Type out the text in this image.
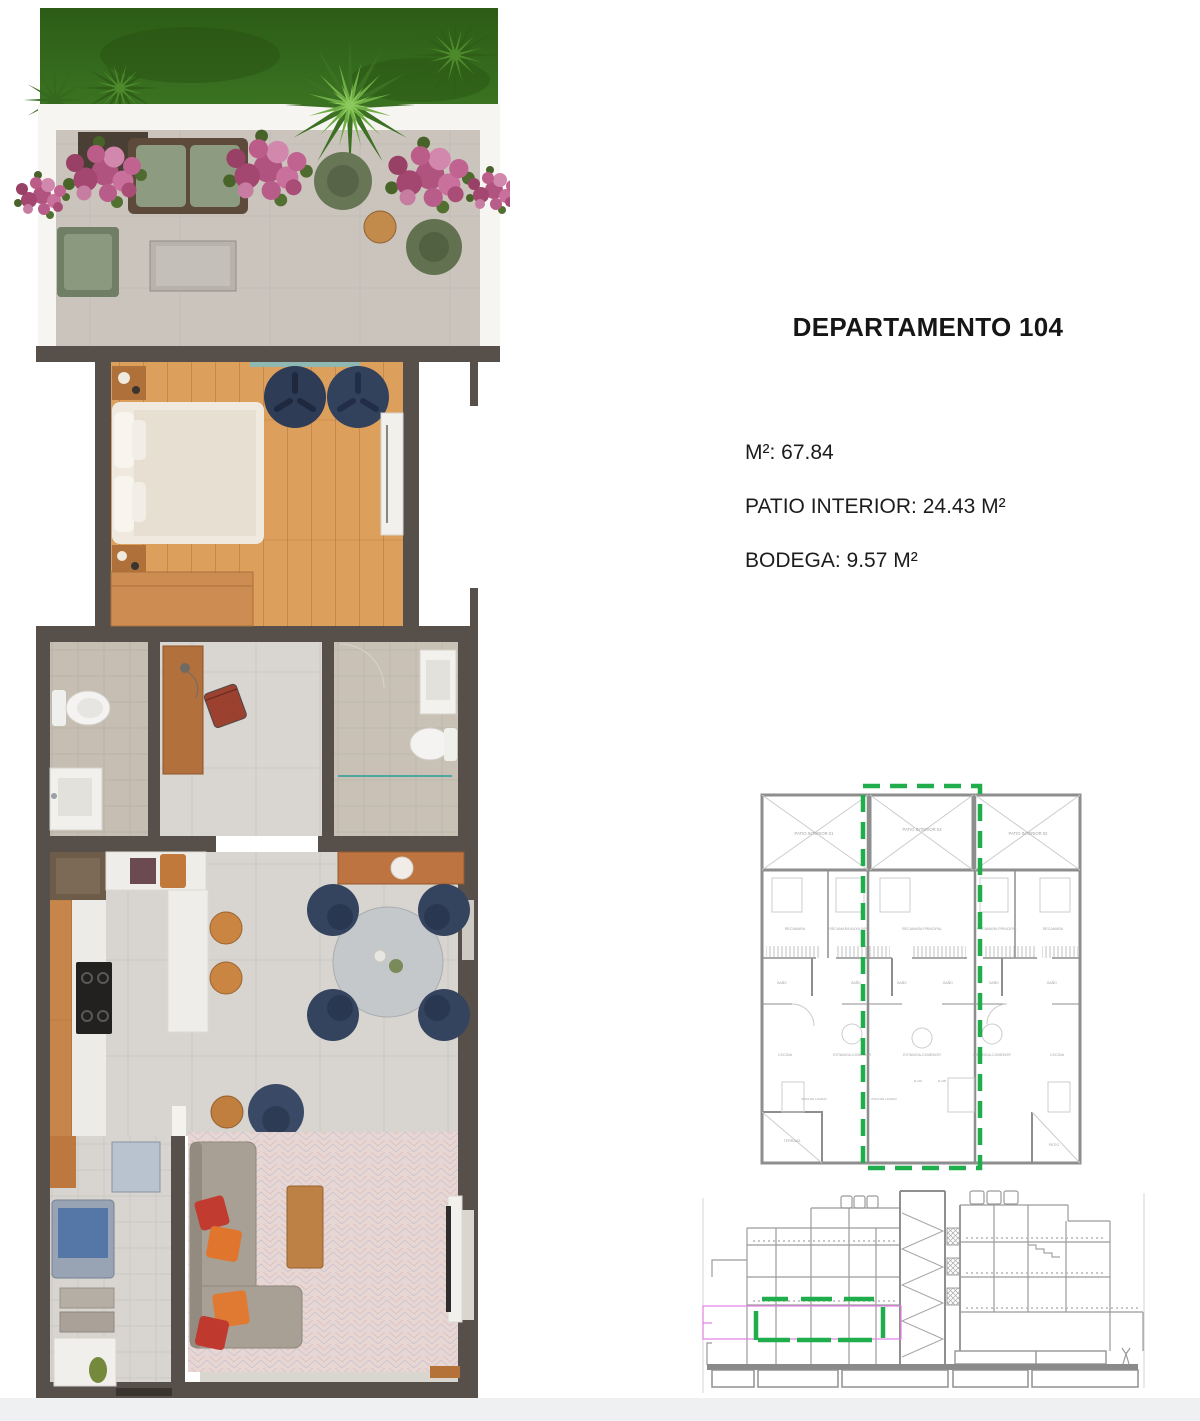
DEPARTAMENTO 104
M²: 67.84
PATIO INTERIOR: 24.43 M²
BODEGA: 9.57 M²
PATIO INTERIOR 01
PATIO INTERIOR 03
PATIO INTERIOR 02
RECAMARA	RECAMARA AUXILIAR	RECAMARA PRINCIPAL	RECAMARA PRINCIPAL	RECAMARA
BAÑO	BAÑO	BAÑO	BAÑO	BAÑO	BAÑO
COCINA	ESTANCIA-COMEDOR	ESTANCIA-COMEDOR	ESTANCIA-COMEDOR	COCINA
ZONA DE LAVADO	ZONA DE LAVADO
D-104	D-105
TERRAZA
PATIO
